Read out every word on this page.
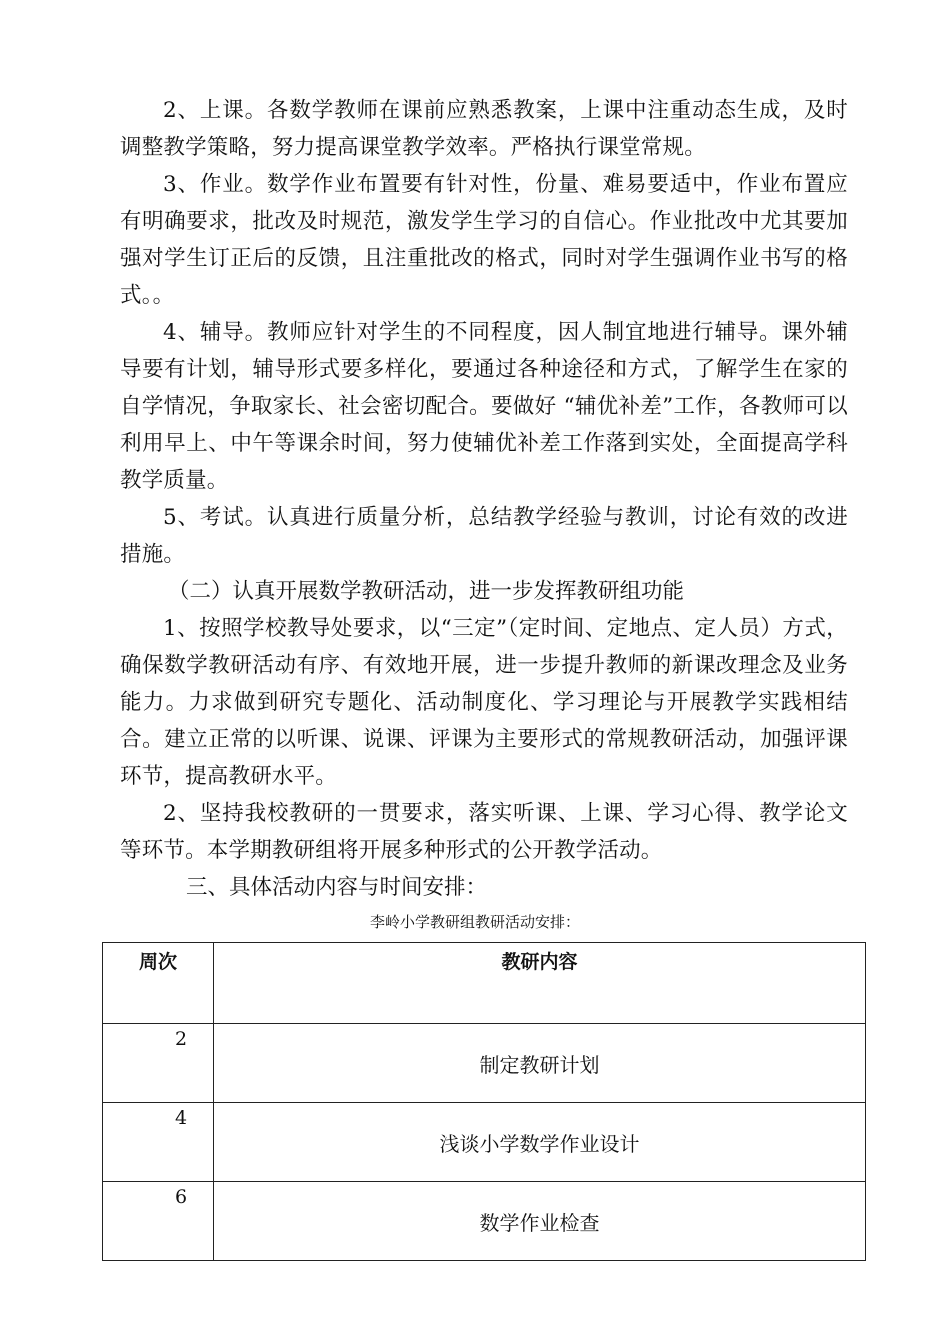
2、上课。各数学教师在课前应熟悉教案，上课中注重动态生成，及时调整教学策略，努力提高课堂教学效率。严格执行课堂常规。

3、作业。数学作业布置要有针对性，份量、难易要适中，作业布置应有明确要求，批改及时规范，激发学生学习的自信心。作业批改中尤其要加强对学生订正后的反馈，且注重批改的格式，同时对学生强调作业书写的格式。。

4、辅导。教师应针对学生的不同程度，因人制宜地进行辅导。课外辅导要有计划，辅导形式要多样化，要通过各种途径和方式，了解学生在家的自学情况，争取家长、社会密切配合。要做好 “辅优补差”工作，各教师可以利用早上、中午等课余时间，努力使辅优补差工作落到实处，全面提高学科教学质量。

5、考试。认真进行质量分析，总结教学经验与教训，讨论有效的改进措施。

（二）认真开展数学教研活动，进一步发挥教研组功能

1、按照学校教导处要求，以“三定”（定时间、定地点、定人员）方式，确保数学教研活动有序、有效地开展，进一步提升教师的新课改理念及业务能力。力求做到研究专题化、活动制度化、学习理论与开展教学实践相结合。建立正常的以听课、说课、评课为主要形式的常规教研活动，加强评课环节，提高教研水平。

2、坚持我校教研的一贯要求，落实听课、上课、学习心得、教学论文等环节。本学期教研组将开展多种形式的公开教学活动。

三、具体活动内容与时间安排：

李岭小学教研组教研活动安排：
周次	教研内容
2	制定教研计划
4	浅谈小学数学作业设计
6	数学作业检查
